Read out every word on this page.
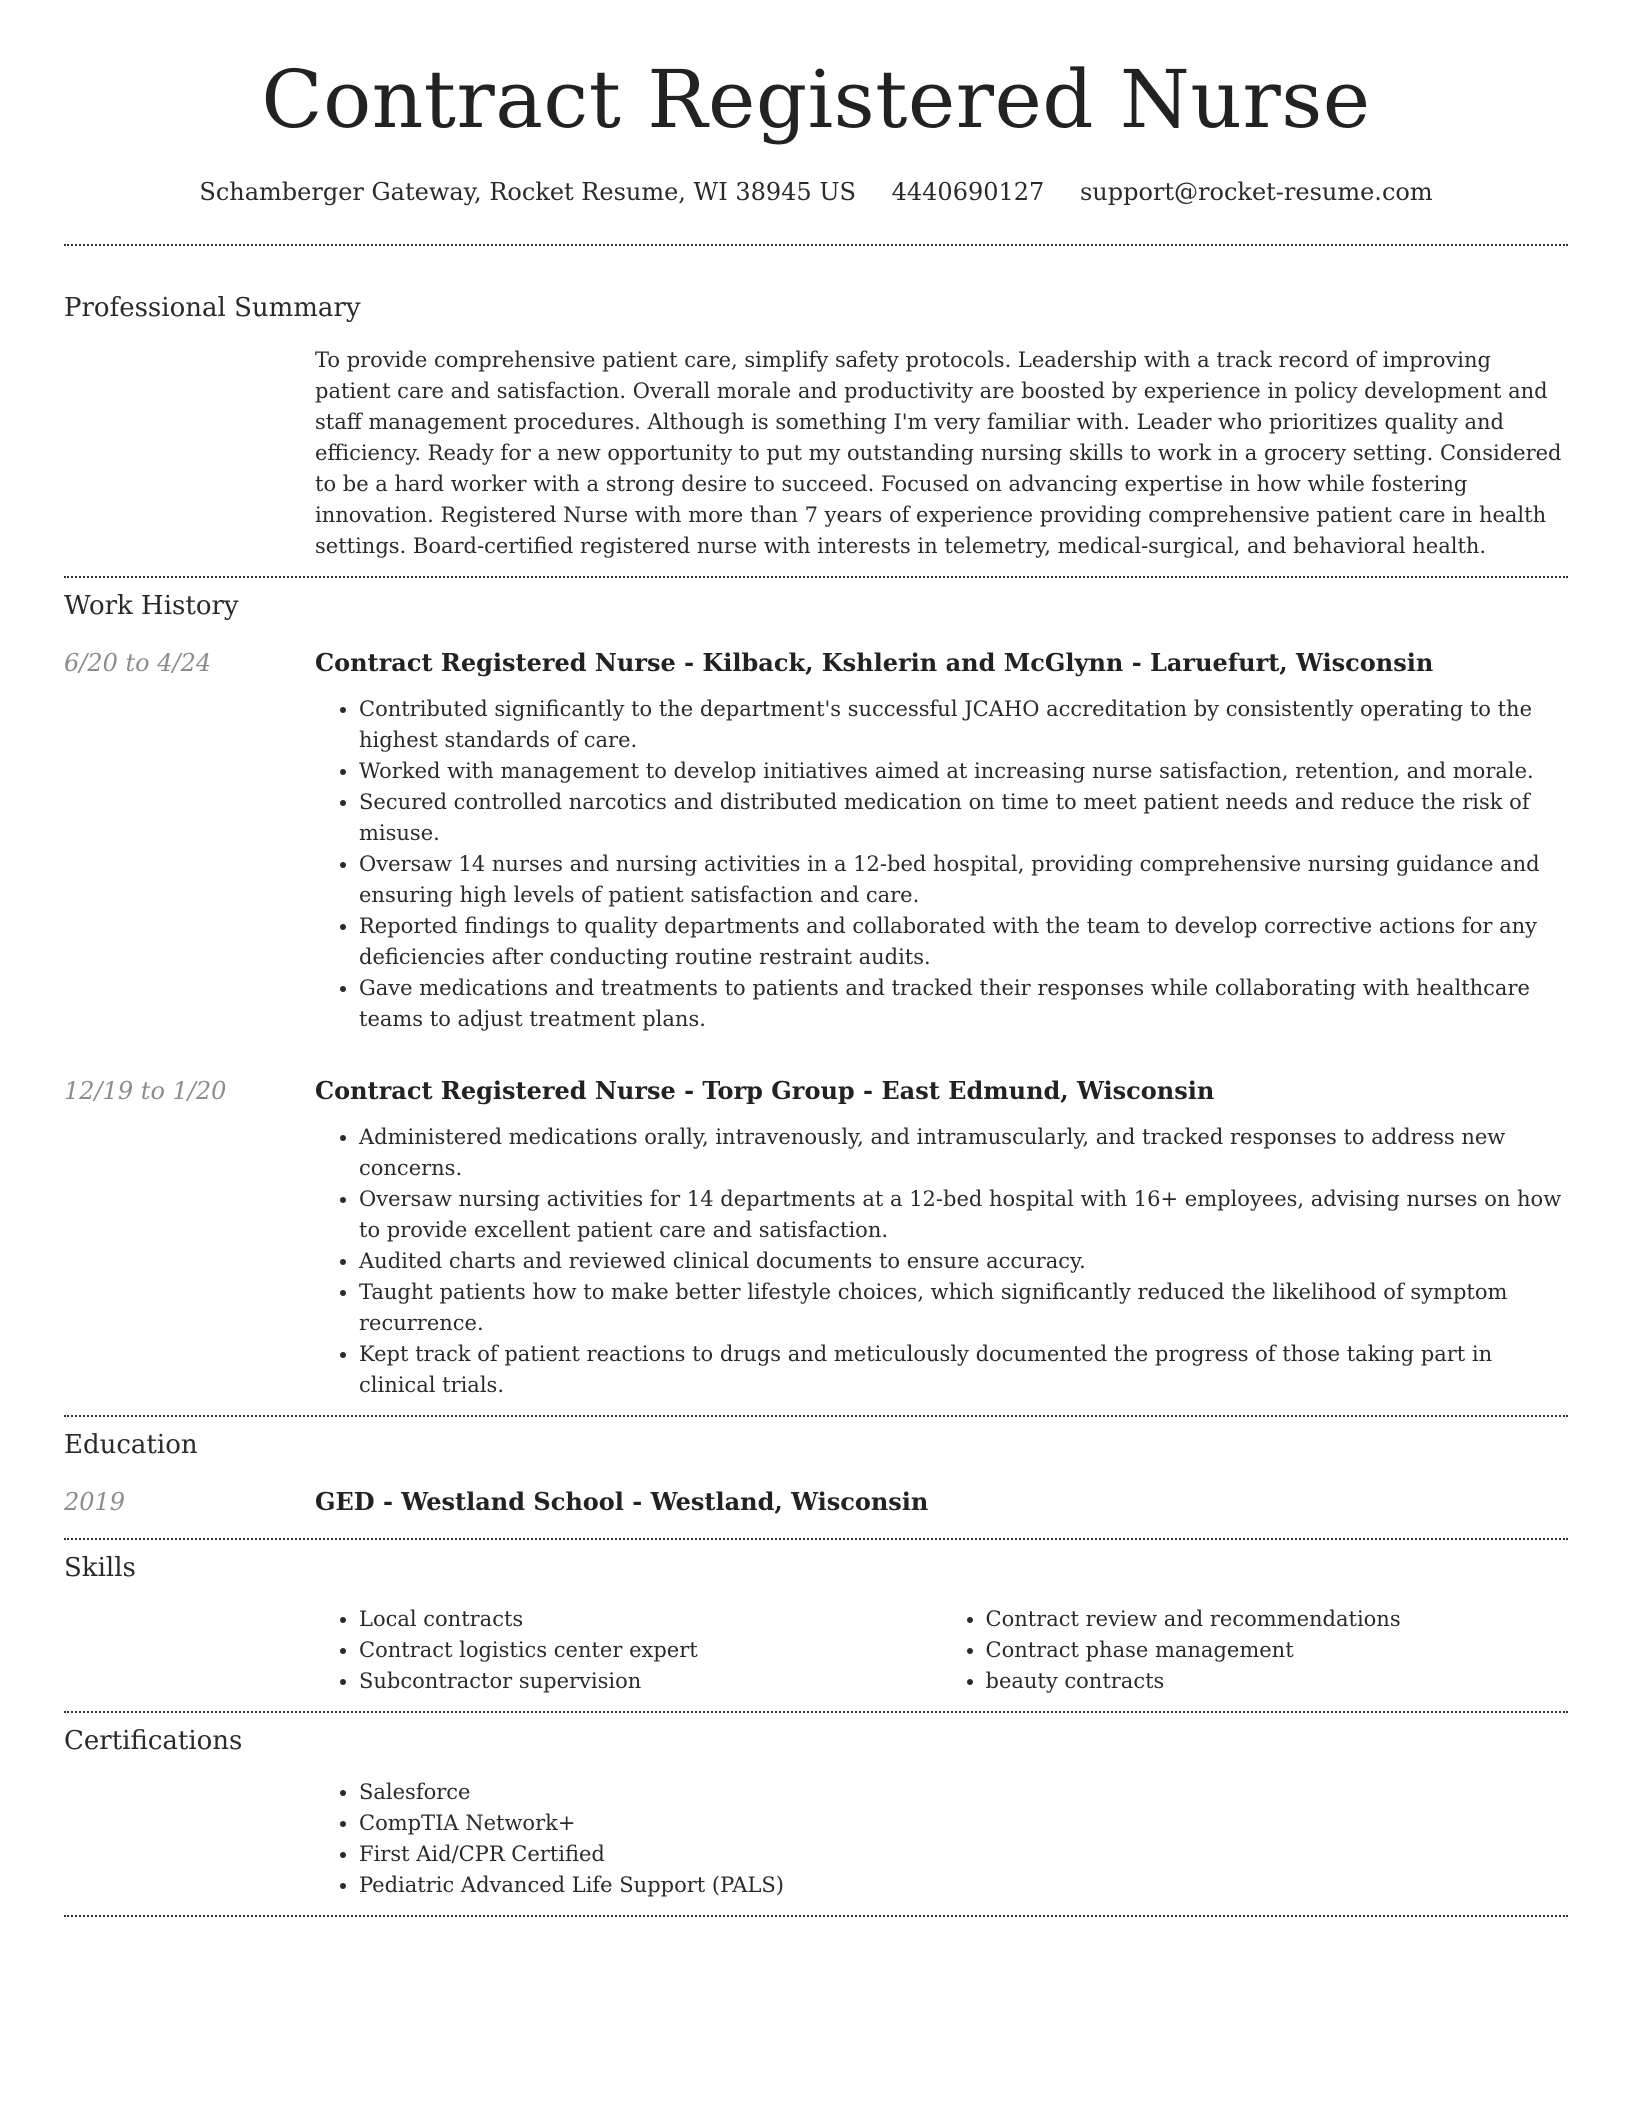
Contract Registered Nurse
Schamberger Gateway, Rocket Resume, WI 38945 US 4440690127 support@rocket-resume.com
Professional Summary

To provide comprehensive patient care, simplify safety protocols. Leadership with a track record of improving patient care and satisfaction. Overall morale and productivity are boosted by experience in policy development and staff management procedures. Although is something I'm very familiar with. Leader who prioritizes quality and efficiency. Ready for a new opportunity to put my outstanding nursing skills to work in a grocery setting. Considered to be a hard worker with a strong desire to succeed. Focused on advancing expertise in how while fostering innovation. Registered Nurse with more than 7 years of experience providing comprehensive patient care in health settings. Board-certified registered nurse with interests in telemetry, medical-surgical, and behavioral health.

Work History
6/20 to 4/24	Contract Registered Nurse - Kilback, Kshlerin and McGlynn - Laruefurt, Wisconsin
• Contributed significantly to the department's successful JCAHO accreditation by consistently operating to the highest standards of care.
• Worked with management to develop initiatives aimed at increasing nurse satisfaction, retention, and morale.
• Secured controlled narcotics and distributed medication on time to meet patient needs and reduce the risk of misuse.
• Oversaw 14 nurses and nursing activities in a 12-bed hospital, providing comprehensive nursing guidance and ensuring high levels of patient satisfaction and care.
• Reported findings to quality departments and collaborated with the team to develop corrective actions for any deficiencies after conducting routine restraint audits.
• Gave medications and treatments to patients and tracked their responses while collaborating with healthcare teams to adjust treatment plans.
12/19 to 1/20	Contract Registered Nurse - Torp Group - East Edmund, Wisconsin
• Administered medications orally, intravenously, and intramuscularly, and tracked responses to address new concerns.
• Oversaw nursing activities for 14 departments at a 12-bed hospital with 16+ employees, advising nurses on how to provide excellent patient care and satisfaction.
• Audited charts and reviewed clinical documents to ensure accuracy.
• Taught patients how to make better lifestyle choices, which significantly reduced the likelihood of symptom recurrence.
• Kept track of patient reactions to drugs and meticulously documented the progress of those taking part in clinical trials.
Education
2019	GED - Westland School - Westland, Wisconsin
Skills
• Local contracts
• Contract logistics center expert
• Subcontractor supervision
• Contract review and recommendations
• Contract phase management
• beauty contracts
Certifications
• Salesforce
• CompTIA Network+
• First Aid/CPR Certified
• Pediatric Advanced Life Support (PALS)
